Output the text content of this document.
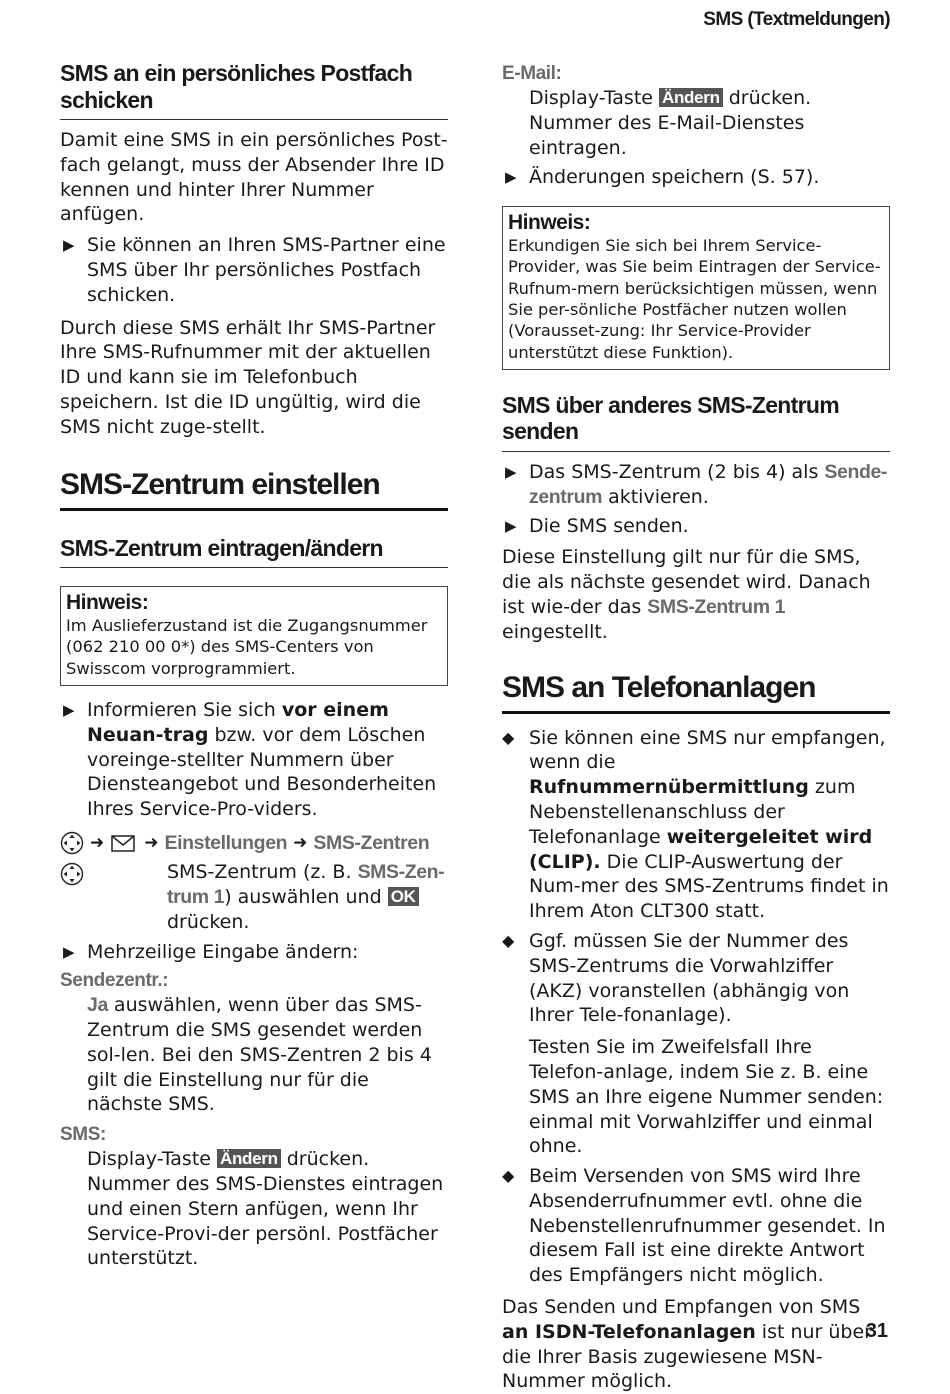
SMS (Textmeldungen)
SMS an ein persönliches Postfach schicken

Damit eine SMS in ein persönliches Post-fach gelangt, muss der Absender Ihre ID kennen und hinter Ihrer Nummer anfügen.

▶ Sie können an Ihren SMS-Partner eine SMS über Ihr persönliches Postfach schicken.

Durch diese SMS erhält Ihr SMS-Partner Ihre SMS-Rufnummer mit der aktuellen ID und kann sie im Telefonbuch speichern. Ist die ID ungültig, wird die SMS nicht zuge-stellt.

SMS-Zentrum einstellen
SMS-Zentrum eintragen/ändern
Hinweis:
Im Auslieferzustand ist die Zugangsnummer (062 210 00 0*) des SMS-Centers von Swisscom vorprogrammiert.
▶ Informieren Sie sich vor einem Neuan-trag bzw. vor dem Löschen voreinge-stellter Nummern über Diensteangebot und Besonderheiten Ihres Service-Pro-viders.
➜ ➜ Einstellungen ➜ SMS-Zentren

SMS-Zentrum (z. B. SMS-Zen-trum 1) auswählen und OK
drücken.

▶ Mehrzeilige Eingabe ändern:
Sendezentr.:

Ja auswählen, wenn über das SMS-Zentrum die SMS gesendet werden sol-len. Bei den SMS-Zentren 2 bis 4 gilt die Einstellung nur für die nächste SMS.

SMS:

Display-Taste Ändern drücken. Nummer des SMS-Dienstes eintragen und einen Stern anfügen, wenn Ihr Service-Provi-der persönl. Postfächer unterstützt.

E-Mail:

Display-Taste Ändern drücken. Nummer des E-Mail-Dienstes eintragen.

▶ Änderungen speichern (S. 57).
Hinweis:
Erkundigen Sie sich bei Ihrem Service-Provider, was Sie beim Eintragen der Service-Rufnum-mern berücksichtigen müssen, wenn Sie per-sönliche Postfächer nutzen wollen (Vorausset-zung: Ihr Service-Provider unterstützt diese Funktion).
SMS über anderes SMS-Zentrum senden
▶ Das SMS-Zentrum (2 bis 4) als Sende-zentrum aktivieren.
▶ Die SMS senden.

Diese Einstellung gilt nur für die SMS, die als nächste gesendet wird. Danach ist wie-der das SMS-Zentrum 1 eingestellt.

SMS an Telefonanlagen
◆ Sie können eine SMS nur empfangen, wenn die Rufnummernübermittlung zum Nebenstellenanschluss der Telefonanlage weitergeleitet wird (CLIP). Die CLIP-Auswertung der Num-mer des SMS-Zentrums findet in Ihrem Aton CLT300 statt.
◆ Ggf. müssen Sie der Nummer des SMS-Zentrums die Vorwahlziffer (AKZ) voranstellen (abhängig von Ihrer Tele-fonanlage).

Testen Sie im Zweifelsfall Ihre Telefon-anlage, indem Sie z. B. eine SMS an Ihre eigene Nummer senden: einmal mit Vorwahlziffer und einmal ohne.

◆ Beim Versenden von SMS wird Ihre Absenderrufnummer evtl. ohne die Nebenstellenrufnummer gesendet. In diesem Fall ist eine direkte Antwort des Empfängers nicht möglich.

Das Senden und Empfangen von SMS an ISDN-Telefonanlagen ist nur über die Ihrer Basis zugewiesene MSN-Nummer möglich.

31
